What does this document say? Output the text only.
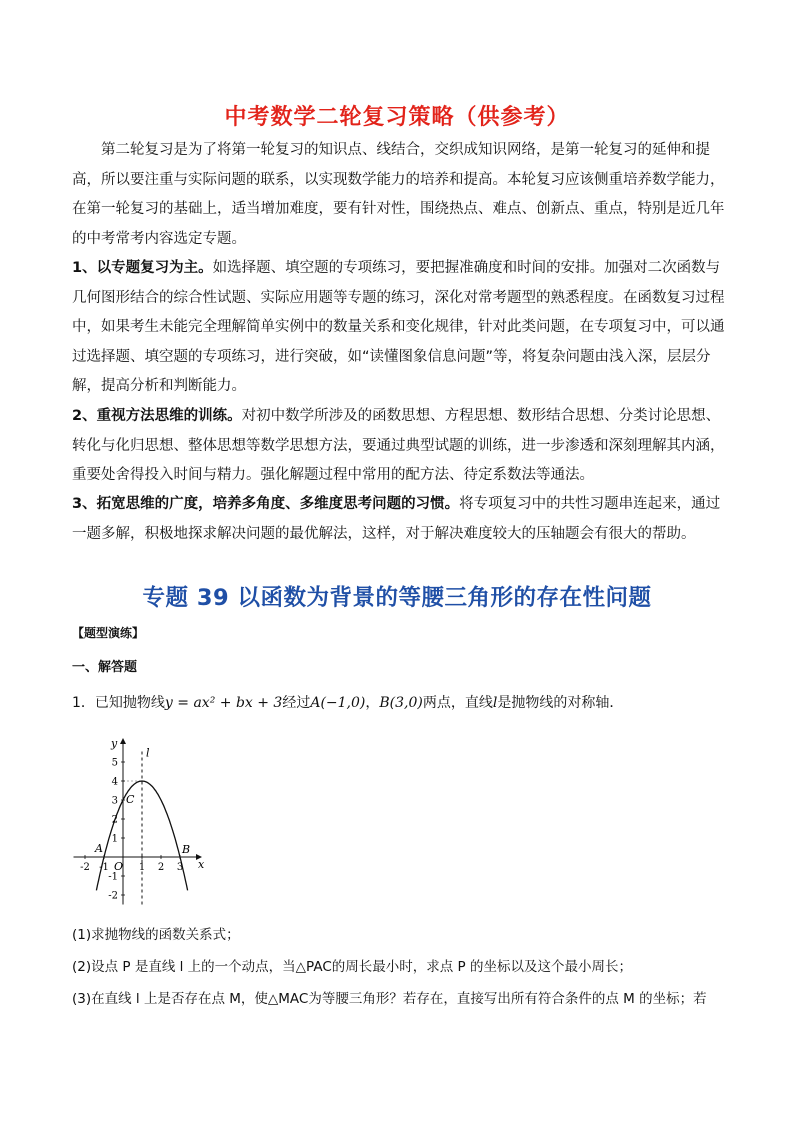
中考数学二轮复习策略（供参考）
第二轮复习是为了将第一轮复习的知识点、线结合，交织成知识网络，是第一轮复习的延伸和提高，所以要注重与实际问题的联系，以实现数学能力的培养和提高。本轮复习应该侧重培养数学能力，在第一轮复习的基础上，适当增加难度，要有针对性，围绕热点、难点、创新点、重点，特别是近几年的中考常考内容选定专题。
1、以专题复习为主。如选择题、填空题的专项练习，要把握准确度和时间的安排。加强对二次函数与几何图形结合的综合性试题、实际应用题等专题的练习，深化对常考题型的熟悉程度。在函数复习过程中，如果考生未能完全理解简单实例中的数量关系和变化规律，针对此类问题，在专项复习中，可以通过选择题、填空题的专项练习，进行突破，如“读懂图象信息问题”等，将复杂问题由浅入深，层层分解，提高分析和判断能力。
2、重视方法思维的训练。对初中数学所涉及的函数思想、方程思想、数形结合思想、分类讨论思想、转化与化归思想、整体思想等数学思想方法，要通过典型试题的训练，进一步渗透和深刻理解其内涵，重要处舍得投入时间与精力。强化解题过程中常用的配方法、待定系数法等通法。
3、拓宽思维的广度，培养多角度、多维度思考问题的习惯。将专项复习中的共性习题串连起来，通过一题多解，积极地探求解决问题的最优解法，这样，对于解决难度较大的压轴题会有很大的帮助。
专题 39 以函数为背景的等腰三角形的存在性问题
【题型演练】
一、解答题
1．已知抛物线y = ax² + bx + 3经过A(−1,0)，B(3,0)两点，直线l是抛物线的对称轴．
5
4
3
2
1
-1
-2
-2 -1	1 2 3 x
y
l
A	B
C
O
(1)求抛物线的函数关系式；
(2)设点 P 是直线 l 上的一个动点，当△PAC的周长最小时，求点 P 的坐标以及这个最小周长；
(3)在直线 l 上是否存在点 M，使△MAC为等腰三角形？若存在，直接写出所有符合条件的点 M 的坐标；若
